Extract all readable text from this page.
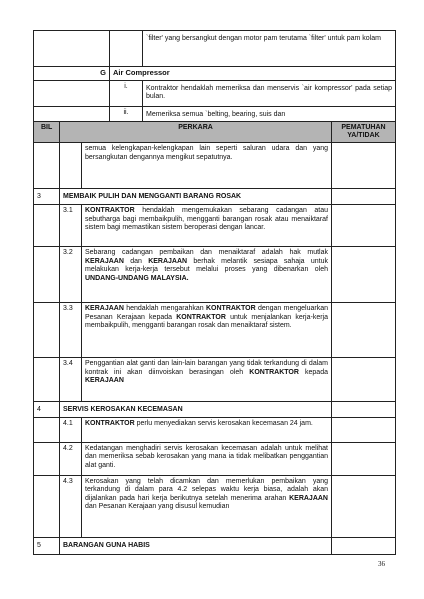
		`filter' yang bersangkut dengan motor pam terutama `filter' untuk pam kolam
G	Air Compressor	
	i.	Kontraktor hendaklah memeriksa dan menservis `air kompressor' pada setiap bulan.
	ii.	Memeriksa semua `belting, bearing, suis dan
BIL	PERKARA		PEMATUHAN YA/TIDAK
		semua kelengkapan-kelengkapan lain seperti saluran udara dan yang bersangkutan dengannya mengikut sepatutnya.	
3	MEMBAIK PULIH DAN MENGGANTI BARANG ROSAK		
	3.1	KONTRAKTOR hendaklah mengemukakan sebarang cadangan atau sebutharga bagi membaikpulih, mengganti barangan rosak atau menaiktaraf sistem bagi memastikan sistem beroperasi dengan lancar.	
	3.2	Sebarang cadangan pembaikan dan menaiktaraf adalah hak mutlak KERAJAAN dan KERAJAAN berhak melantik sesiapa sahaja untuk melakukan kerja-kerja tersebut melalui proses yang dibenarkan oleh UNDANG-UNDANG MALAYSIA.	
	3.3	KERAJAAN hendaklah mengarahkan KONTRAKTOR dengan mengeluarkan Pesanan Kerajaan kepada KONTRAKTOR untuk menjalankan kerja-kerja membaikpulih, mengganti barangan rosak dan menaiktaraf sistem.	
	3.4	Penggantian alat ganti dan lain-lain barangan yang tidak terkandung di dalam kontrak ini akan diinvoiskan berasingan oleh KONTRAKTOR kepada KERAJAAN	
4	SERVIS KEROSAKAN KECEMASAN		
	4.1	KONTRAKTOR perlu menyediakan servis kerosakan kecemasan 24 jam.	
	4.2	Kedatangan menghadiri servis kerosakan kecemasan adalah untuk melihat dan memeriksa sebab kerosakan yang mana ia tidak melibatkan penggantian alat ganti.	
	4.3	Kerosakan yang telah dicamkan dan memerlukan pembaikan yang terkandung di dalam para 4.2 selepas waktu kerja biasa, adalah akan dijalankan pada hari kerja berikutnya setelah menerima arahan KERAJAAN dan Pesanan Kerajaan yang disusul kemudian	
5	BARANGAN GUNA HABIS		
36
